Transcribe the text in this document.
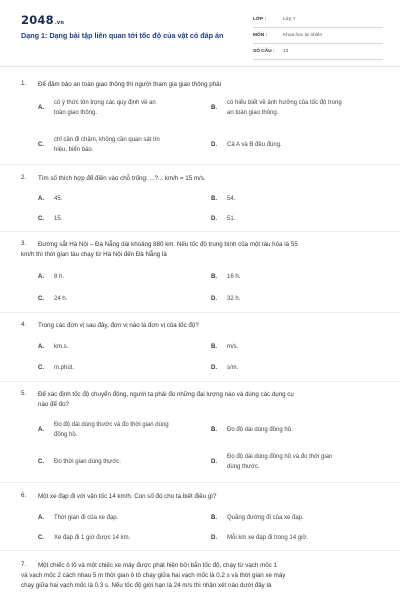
2048.vn
Dạng 1: Dạng bài tập liên quan tới tốc độ của vật có đáp án
LỚP :	Lớp 7
MÔN :	Khoa học tự nhiên
SỐ CÂU : 13
1. Để đảm bảo an toàn giao thông thì người tham gia giao thông phải
A.
có ý thức tôn trọng các quy định về an
toàn giao thông.
B.
có hiểu biết về ảnh hưởng của tốc độ trong
an toàn giao thông.
C.
chỉ cần đi chậm, không cần quan sát tín
hiệu, biển báo.
D. Cả A và B đều đúng.
2. Tìm số thích hợp để điền vào chỗ trống: ...?... km/h = 15 m/s.
A. 45.	B. 54.
C. 15.	D. 51.
3. Đường sắt Hà Nội – Đà Nẵng dài khoảng 880 km. Nếu tốc độ trung bình của một tàu hỏa là 55
km/h thì thời gian tàu chạy từ Hà Nội đến Đà Nẵng là
A. 8 h.	B. 16 h.
C. 24 h.	D. 32 h.
4. Trong các đơn vị sau đây, đơn vị nào là đơn vị của tốc độ?
A. km.s.	B. m/s.
C. m.phút.	D. s/m.
5. Để xác định tốc độ chuyển động, người ta phải đo những đại lượng nào và dùng các dụng cụ
nào để đo?
A.
Đo độ dài dùng thước và đo thời gian dùng
đồng hồ.
B. Đo độ dài dùng đồng hồ.
C. Đo thời gian dùng thước.	D.
Đo độ dài dùng đồng hồ và đo thời gian
dùng thước.
6. Một xe đạp đi với vận tốc 14 km/h. Con số đó cho ta biết điều gì?
A. Thời gian đi của xe đạp.	B. Quãng đường đi của xe đạp.
C. Xe đạp đi 1 giờ được 14 km.	D. Mỗi km xe đạp đi trong 14 giờ.
7. Một chiếc ô tô và một chiếc xe máy được phát hiện bởi bắn tốc độ, chạy từ vạch mốc 1
và vạch mốc 2 cách nhau 5 m thời gian ô tô chạy giữa hai vạch mốc là 0,2 s và thời gian xe máy
chạy giữa hai vạch mốc là 0,3 s. Nếu tốc độ giới hạn là 24 m/s thì nhận xét nào dưới đây là
